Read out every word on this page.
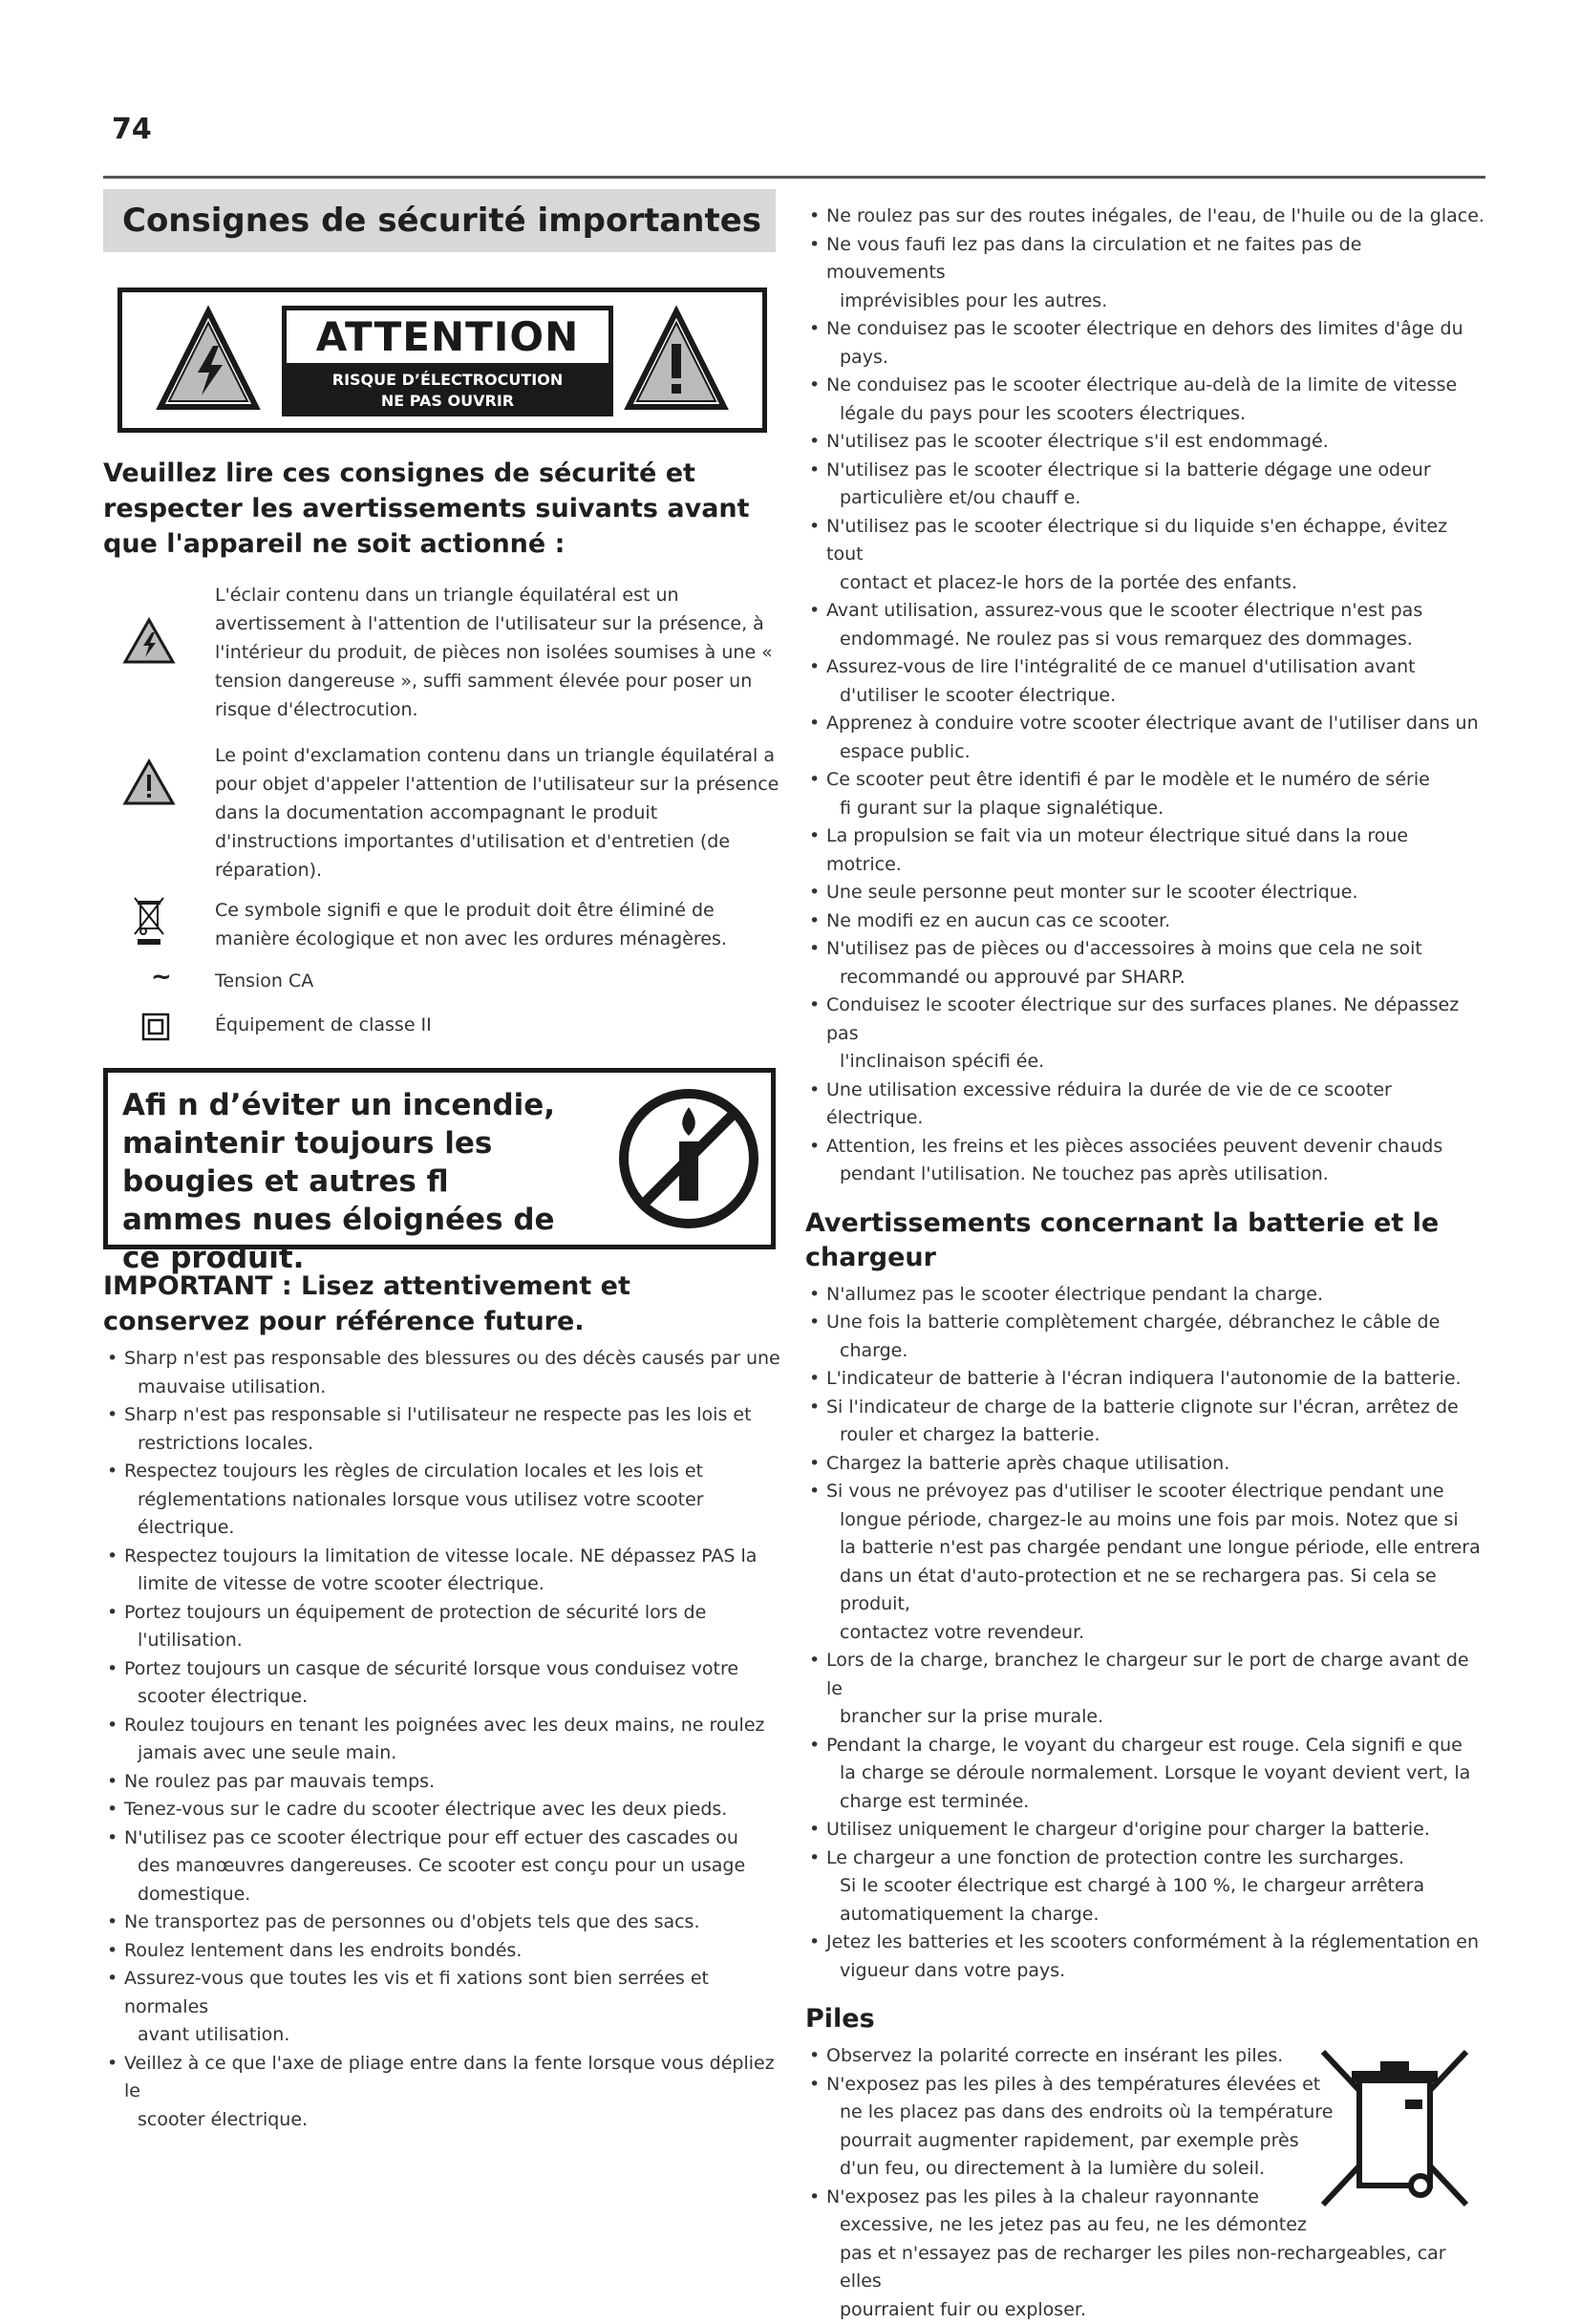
74
Consignes de sécurité importantes
ATTENTION
RISQUE D’ÉLECTROCUTION
NE PAS OUVRIR
Veuillez lire ces consignes de sécurité et respecter les avertissements suivants avant que l'appareil ne soit actionné :
L'éclair contenu dans un triangle équilatéral est un avertissement à l'attention de l'utilisateur sur la présence, à l'intérieur du produit, de pièces non isolées soumises à une « tension dangereuse », suffi samment élevée pour poser un risque d'électrocution.
Le point d'exclamation contenu dans un triangle équilatéral a pour objet d'appeler l'attention de l'utilisateur sur la présence dans la documentation accompagnant le produit d'instructions importantes d'utilisation et d'entretien (de réparation).
Ce symbole signifi e que le produit doit être éliminé de manière écologique et non avec les ordures ménagères.
~ Tension CA
Équipement de classe II
Afi n d’éviter un incendie, maintenir toujours les bougies et autres fl ammes nues éloignées de ce produit.
IMPORTANT : Lisez attentivement et conservez pour référence future.
• Sharp n'est pas responsable des blessures ou des décès causés par une
mauvaise utilisation.
• Sharp n'est pas responsable si l'utilisateur ne respecte pas les lois et
restrictions locales.
• Respectez toujours les règles de circulation locales et les lois et
réglementations nationales lorsque vous utilisez votre scooter
électrique.
• Respectez toujours la limitation de vitesse locale. NE dépassez PAS la
limite de vitesse de votre scooter électrique.
• Portez toujours un équipement de protection de sécurité lors de
l'utilisation.
• Portez toujours un casque de sécurité lorsque vous conduisez votre
scooter électrique.
• Roulez toujours en tenant les poignées avec les deux mains, ne roulez
jamais avec une seule main.
• Ne roulez pas par mauvais temps.
• Tenez-vous sur le cadre du scooter électrique avec les deux pieds.
• N'utilisez pas ce scooter électrique pour eff ectuer des cascades ou
des manœuvres dangereuses. Ce scooter est conçu pour un usage
domestique.
• Ne transportez pas de personnes ou d'objets tels que des sacs.
• Roulez lentement dans les endroits bondés.
• Assurez-vous que toutes les vis et fi xations sont bien serrées et normales
avant utilisation.
• Veillez à ce que l'axe de pliage entre dans la fente lorsque vous dépliez le
scooter électrique.
• Ne roulez pas sur des routes inégales, de l'eau, de l'huile ou de la glace.
• Ne vous faufi lez pas dans la circulation et ne faites pas de mouvements
imprévisibles pour les autres.
• Ne conduisez pas le scooter électrique en dehors des limites d'âge du
pays.
• Ne conduisez pas le scooter électrique au-delà de la limite de vitesse
légale du pays pour les scooters électriques.
• N'utilisez pas le scooter électrique s'il est endommagé.
• N'utilisez pas le scooter électrique si la batterie dégage une odeur
particulière et/ou chauff e.
• N'utilisez pas le scooter électrique si du liquide s'en échappe, évitez tout
contact et placez-le hors de la portée des enfants.
• Avant utilisation, assurez-vous que le scooter électrique n'est pas
endommagé. Ne roulez pas si vous remarquez des dommages.
• Assurez-vous de lire l'intégralité de ce manuel d'utilisation avant
d'utiliser le scooter électrique.
• Apprenez à conduire votre scooter électrique avant de l'utiliser dans un
espace public.
• Ce scooter peut être identifi é par le modèle et le numéro de série
fi gurant sur la plaque signalétique.
• La propulsion se fait via un moteur électrique situé dans la roue motrice.
• Une seule personne peut monter sur le scooter électrique.
• Ne modifi ez en aucun cas ce scooter.
• N'utilisez pas de pièces ou d'accessoires à moins que cela ne soit
recommandé ou approuvé par SHARP.
• Conduisez le scooter électrique sur des surfaces planes. Ne dépassez pas
l'inclinaison spécifi ée.
• Une utilisation excessive réduira la durée de vie de ce scooter électrique.
• Attention, les freins et les pièces associées peuvent devenir chauds
pendant l'utilisation. Ne touchez pas après utilisation.
Avertissements concernant la batterie et le chargeur
• N'allumez pas le scooter électrique pendant la charge.
• Une fois la batterie complètement chargée, débranchez le câble de
charge.
• L'indicateur de batterie à l'écran indiquera l'autonomie de la batterie.
• Si l'indicateur de charge de la batterie clignote sur l'écran, arrêtez de
rouler et chargez la batterie.
• Chargez la batterie après chaque utilisation.
• Si vous ne prévoyez pas d'utiliser le scooter électrique pendant une
longue période, chargez-le au moins une fois par mois. Notez que si
la batterie n'est pas chargée pendant une longue période, elle entrera
dans un état d'auto-protection et ne se rechargera pas. Si cela se produit,
contactez votre revendeur.
• Lors de la charge, branchez le chargeur sur le port de charge avant de le
brancher sur la prise murale.
• Pendant la charge, le voyant du chargeur est rouge. Cela signifi e que
la charge se déroule normalement. Lorsque le voyant devient vert, la
charge est terminée.
• Utilisez uniquement le chargeur d'origine pour charger la batterie.
• Le chargeur a une fonction de protection contre les surcharges.
Si le scooter électrique est chargé à 100 %, le chargeur arrêtera
automatiquement la charge.
• Jetez les batteries et les scooters conformément à la réglementation en
vigueur dans votre pays.
Piles
• Observez la polarité correcte en insérant les piles.
• N'exposez pas les piles à des températures élevées et
ne les placez pas dans des endroits où la température
pourrait augmenter rapidement, par exemple près
d'un feu, ou directement à la lumière du soleil.
• N'exposez pas les piles à la chaleur rayonnante
excessive, ne les jetez pas au feu, ne les démontez
pas et n'essayez pas de recharger les piles non-rechargeables, car elles
pourraient fuir ou exploser.
